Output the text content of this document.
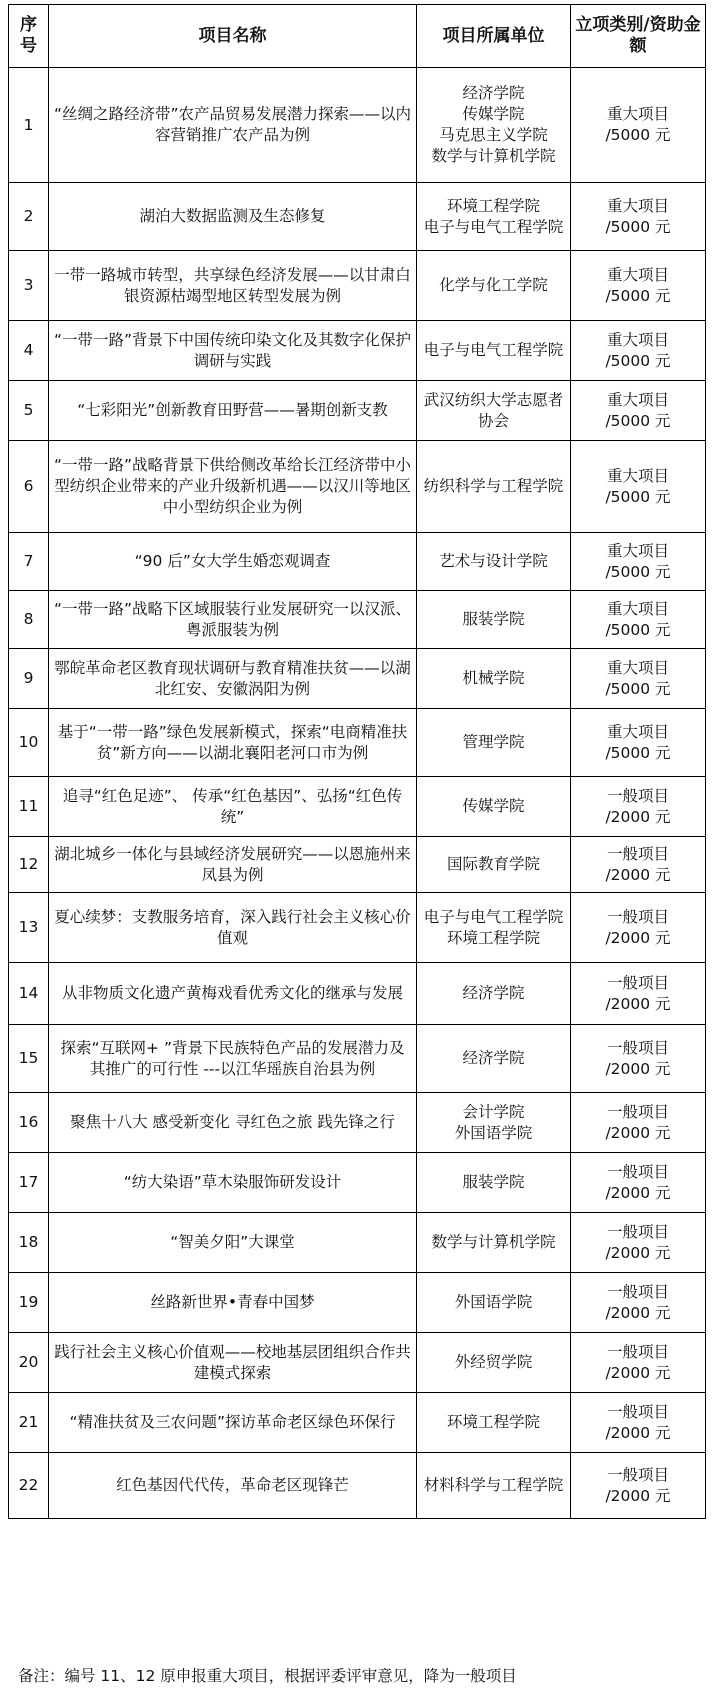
序号	项目名称	项目所属单位	立项类别/资助金额
1	“丝绸之路经济带”农产品贸易发展潜力探索——以内容营销推广农产品为例	经济学院
传媒学院
马克思主义学院
数学与计算机学院	重大项目
/5000 元

2	湖泊大数据监测及生态修复	环境工程学院
电子与电气工程学院	重大项目
/5000 元

3	一带一路城市转型，共享绿色经济发展——以甘肃白银资源枯竭型地区转型发展为例	化学与化工学院	重大项目
/5000 元

4	“一带一路”背景下中国传统印染文化及其数字化保护调研与实践	电子与电气工程学院	重大项目
/5000 元

5	“七彩阳光”创新教育田野营——暑期创新支教	武汉纺织大学志愿者协会	重大项目
/5000 元

6	“一带一路”战略背景下供给侧改革给长江经济带中小型纺织企业带来的产业升级新机遇——以汉川等地区中小型纺织企业为例	纺织科学与工程学院	重大项目
/5000 元

7	“90 后”女大学生婚恋观调查	艺术与设计学院	重大项目
/5000 元

8	“一带一路”战略下区域服装行业发展研究一以汉派、粤派服装为例	服装学院	重大项目
/5000 元

9	鄂皖革命老区教育现状调研与教育精准扶贫——以湖北红安、安徽涡阳为例	机械学院	重大项目
/5000 元

10	基于“一带一路”绿色发展新模式，探索“电商精准扶贫”新方向——以湖北襄阳老河口市为例	管理学院	重大项目
/5000 元

11	追寻“红色足迹”、 传承“红色基因”、弘扬“红色传统”	传媒学院	一般项目
/2000 元

12	湖北城乡一体化与县域经济发展研究——以恩施州来凤县为例	国际教育学院	一般项目
/2000 元

13	夏心续梦：支教服务培育，深入践行社会主义核心价值观	电子与电气工程学院
环境工程学院	一般项目
/2000 元

14	从非物质文化遗产黄梅戏看优秀文化的继承与发展	经济学院	一般项目
/2000 元

15	探索“互联网+ ”背景下民族特色产品的发展潜力及其推广的可行性 ---以江华瑶族自治县为例	经济学院	一般项目
/2000 元

16	聚焦十八大 感受新变化 寻红色之旅 践先锋之行	会计学院
外国语学院	一般项目
/2000 元

17	“纺大染语”草木染服饰研发设计	服装学院	一般项目
/2000 元

18	“智美夕阳”大课堂	数学与计算机学院	一般项目
/2000 元

19	丝路新世界•青春中国梦	外国语学院	一般项目
/2000 元

20	践行社会主义核心价值观——校地基层团组织合作共建模式探索	外经贸学院	一般项目
/2000 元

21	“精准扶贫及三农问题”探访革命老区绿色环保行	环境工程学院	一般项目
/2000 元

22	红色基因代代传，革命老区现锋芒	材料科学与工程学院	一般项目
/2000 元
备注：编号 11、12 原申报重大项目，根据评委评审意见，降为一般项目
